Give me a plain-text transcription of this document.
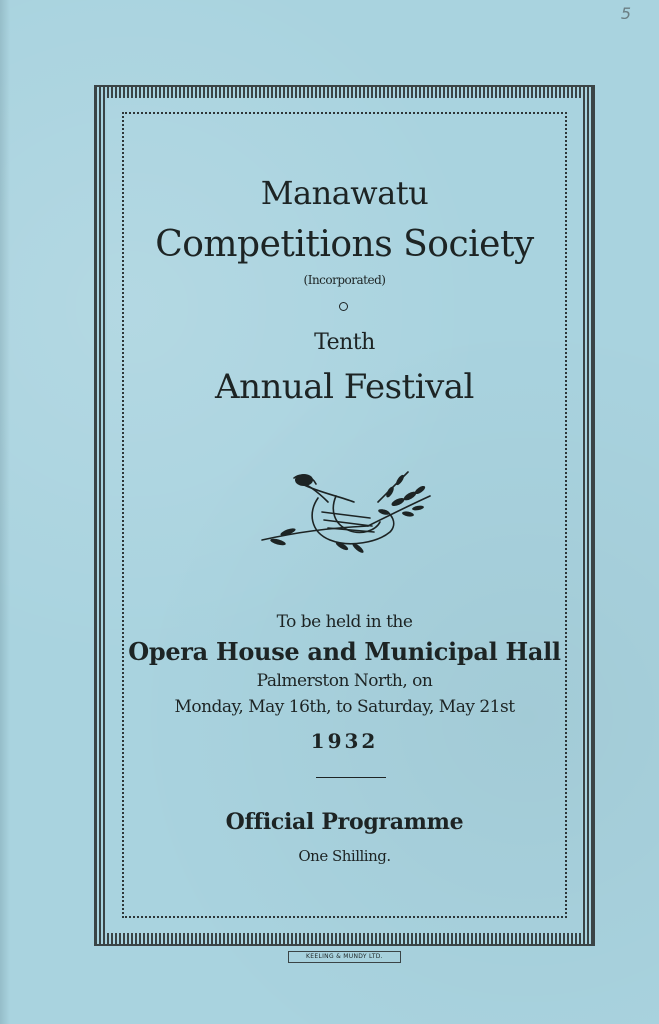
5
Manawatu
Competitions Society
(Incorporated)
Tenth
Annual Festival
To be held in the
Opera House and Municipal Hall
Palmerston North, on
Monday, May 16th, to Saturday, May 21st
1932
Official Programme
One Shilling.
KEELING & MUNDY LTD.
